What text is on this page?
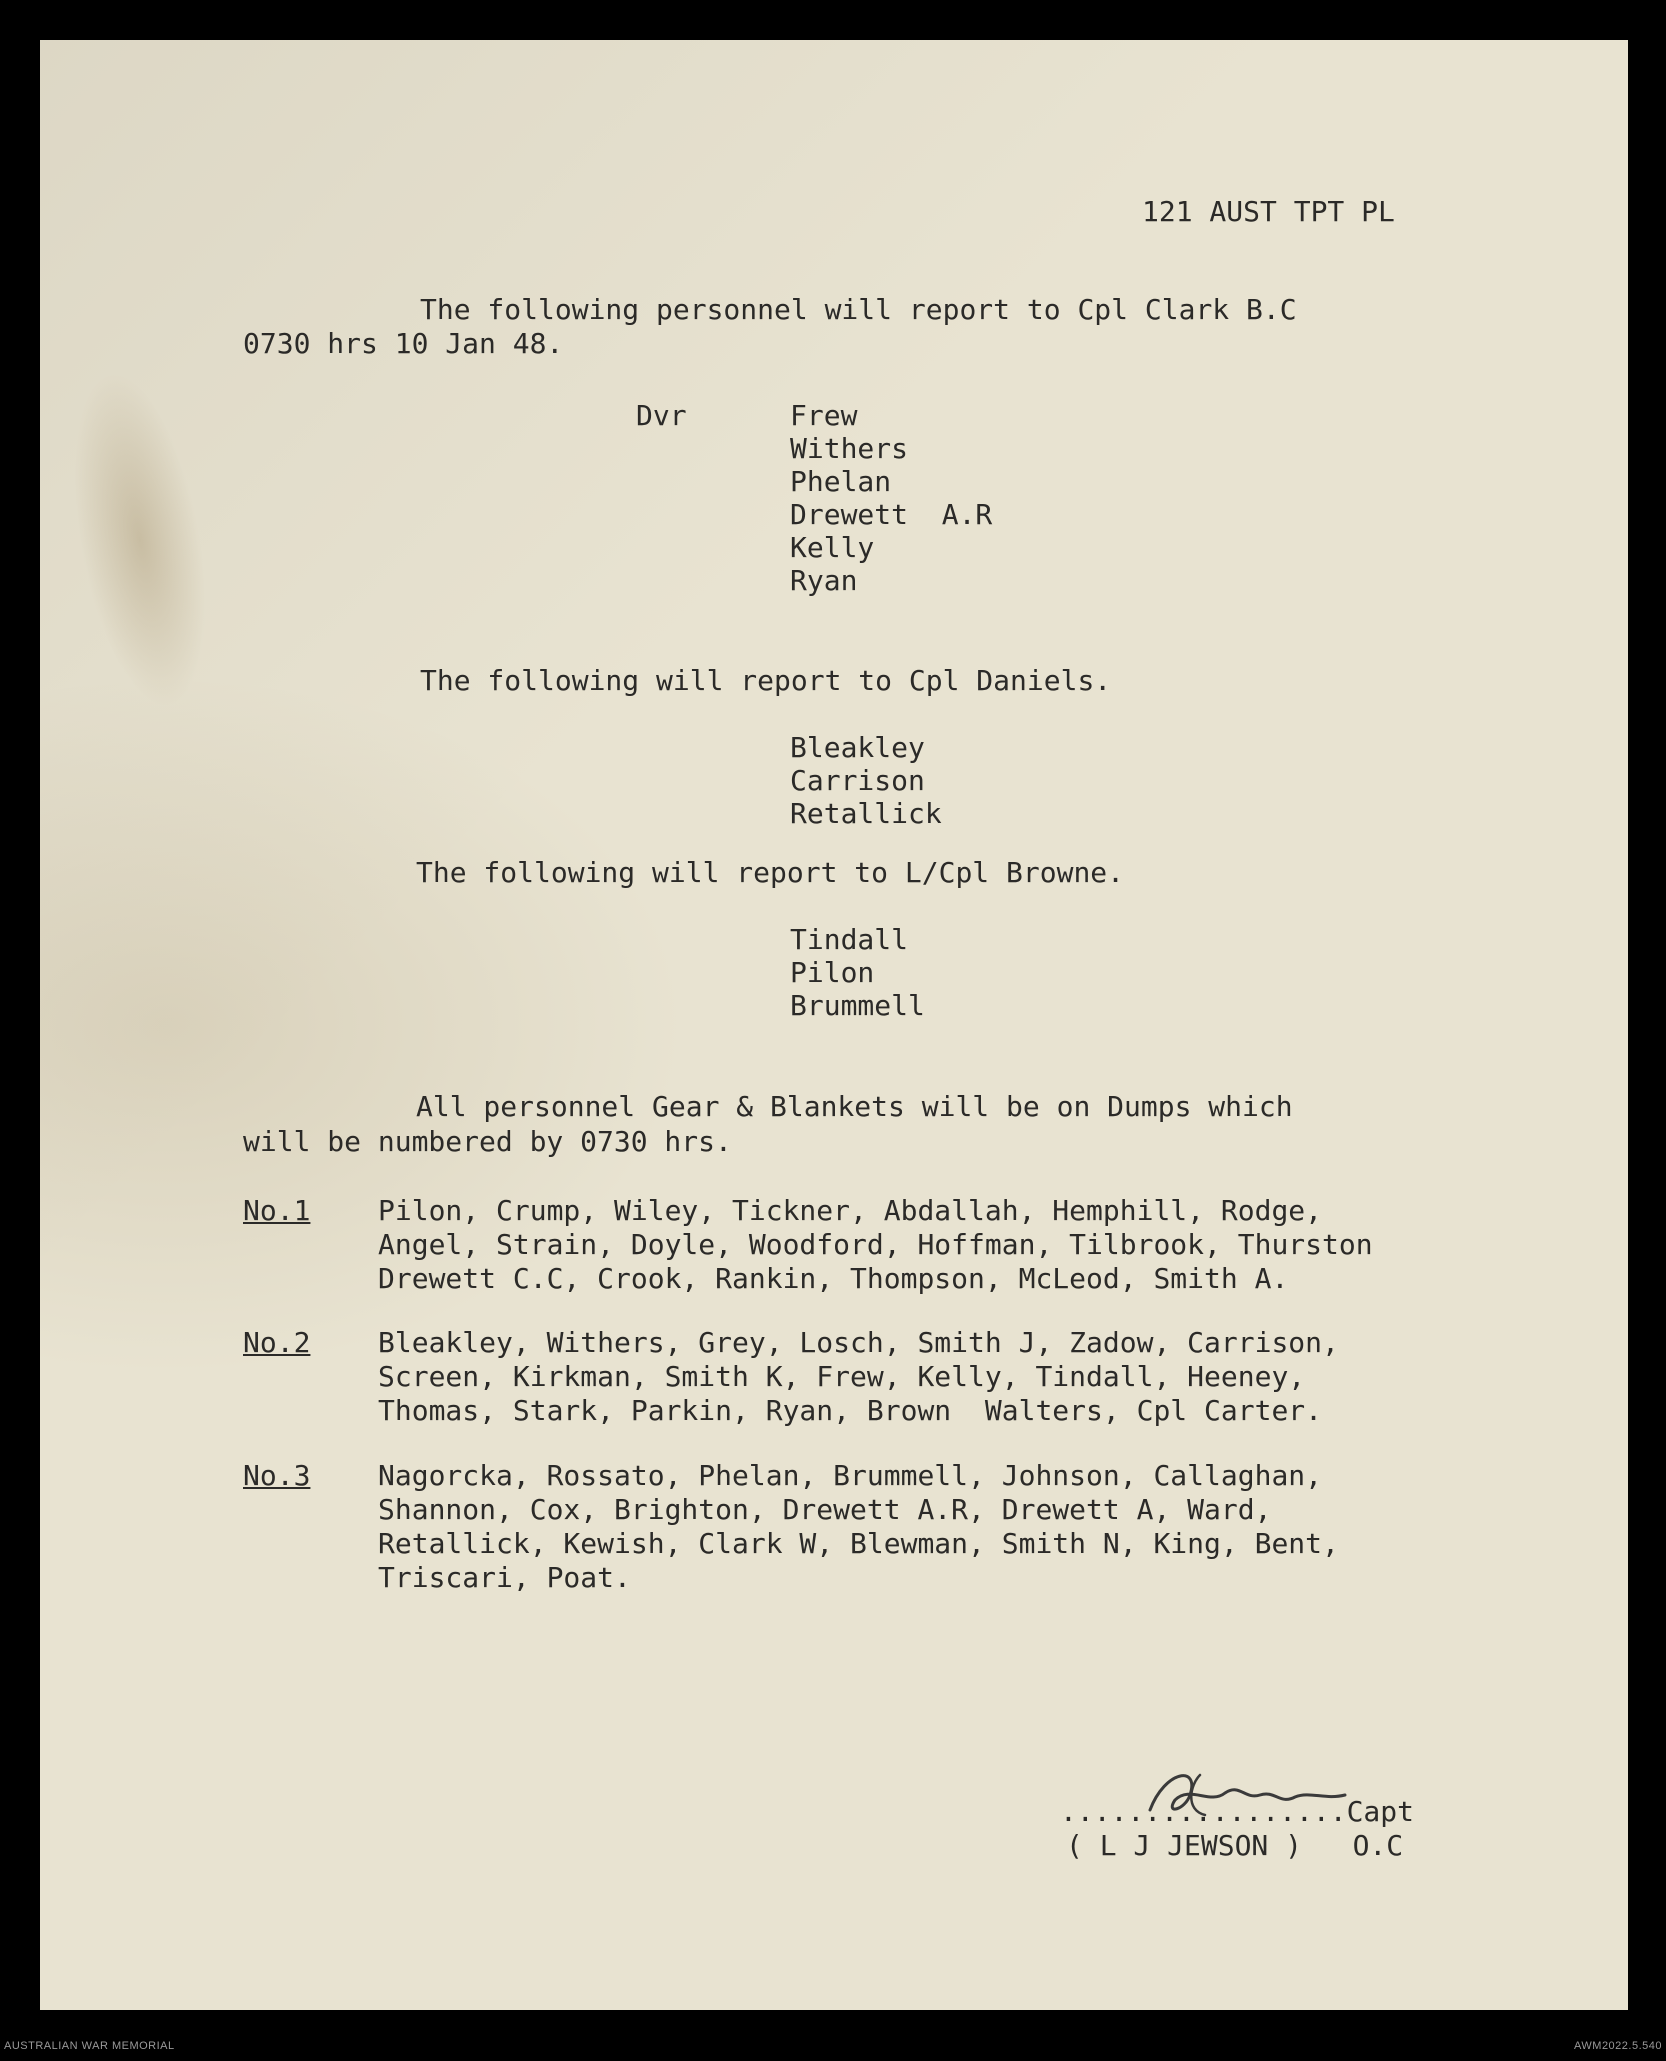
121 AUST TPT PL

The following personnel will report to Cpl Clark B.C

0730 hrs 10 Jan 48.

Dvr	Frew

Withers

Phelan

Drewett  A.R

Kelly

Ryan

The following will report to Cpl Daniels.

Bleakley

Carrison

Retallick

The following will report to L/Cpl Browne.

Tindall

Pilon

Brummell

All personnel Gear & Blankets will be on Dumps which

will be numbered by 0730 hrs.

No.1 Pilon, Crump, Wiley, Tickner, Abdallah, Hemphill, Rodge,

Angel, Strain, Doyle, Woodford, Hoffman, Tilbrook, Thurston

Drewett C.C, Crook, Rankin, Thompson, McLeod, Smith A.

No.2 Bleakley, Withers, Grey, Losch, Smith J, Zadow, Carrison,

Screen, Kirkman, Smith K, Frew, Kelly, Tindall, Heeney,

Thomas, Stark, Parkin, Ryan, Brown  Walters, Cpl Carter.

No.3 Nagorcka, Rossato, Phelan, Brummell, Johnson, Callaghan,

Shannon, Cox, Brighton, Drewett A.R, Drewett A, Ward,

Retallick, Kewish, Clark W, Blewman, Smith N, King, Bent,

Triscari, Poat.

.................Capt

( L J JEWSON )   O.C

AUSTRALIAN WAR MEMORIAL	AWM2022.5.540
